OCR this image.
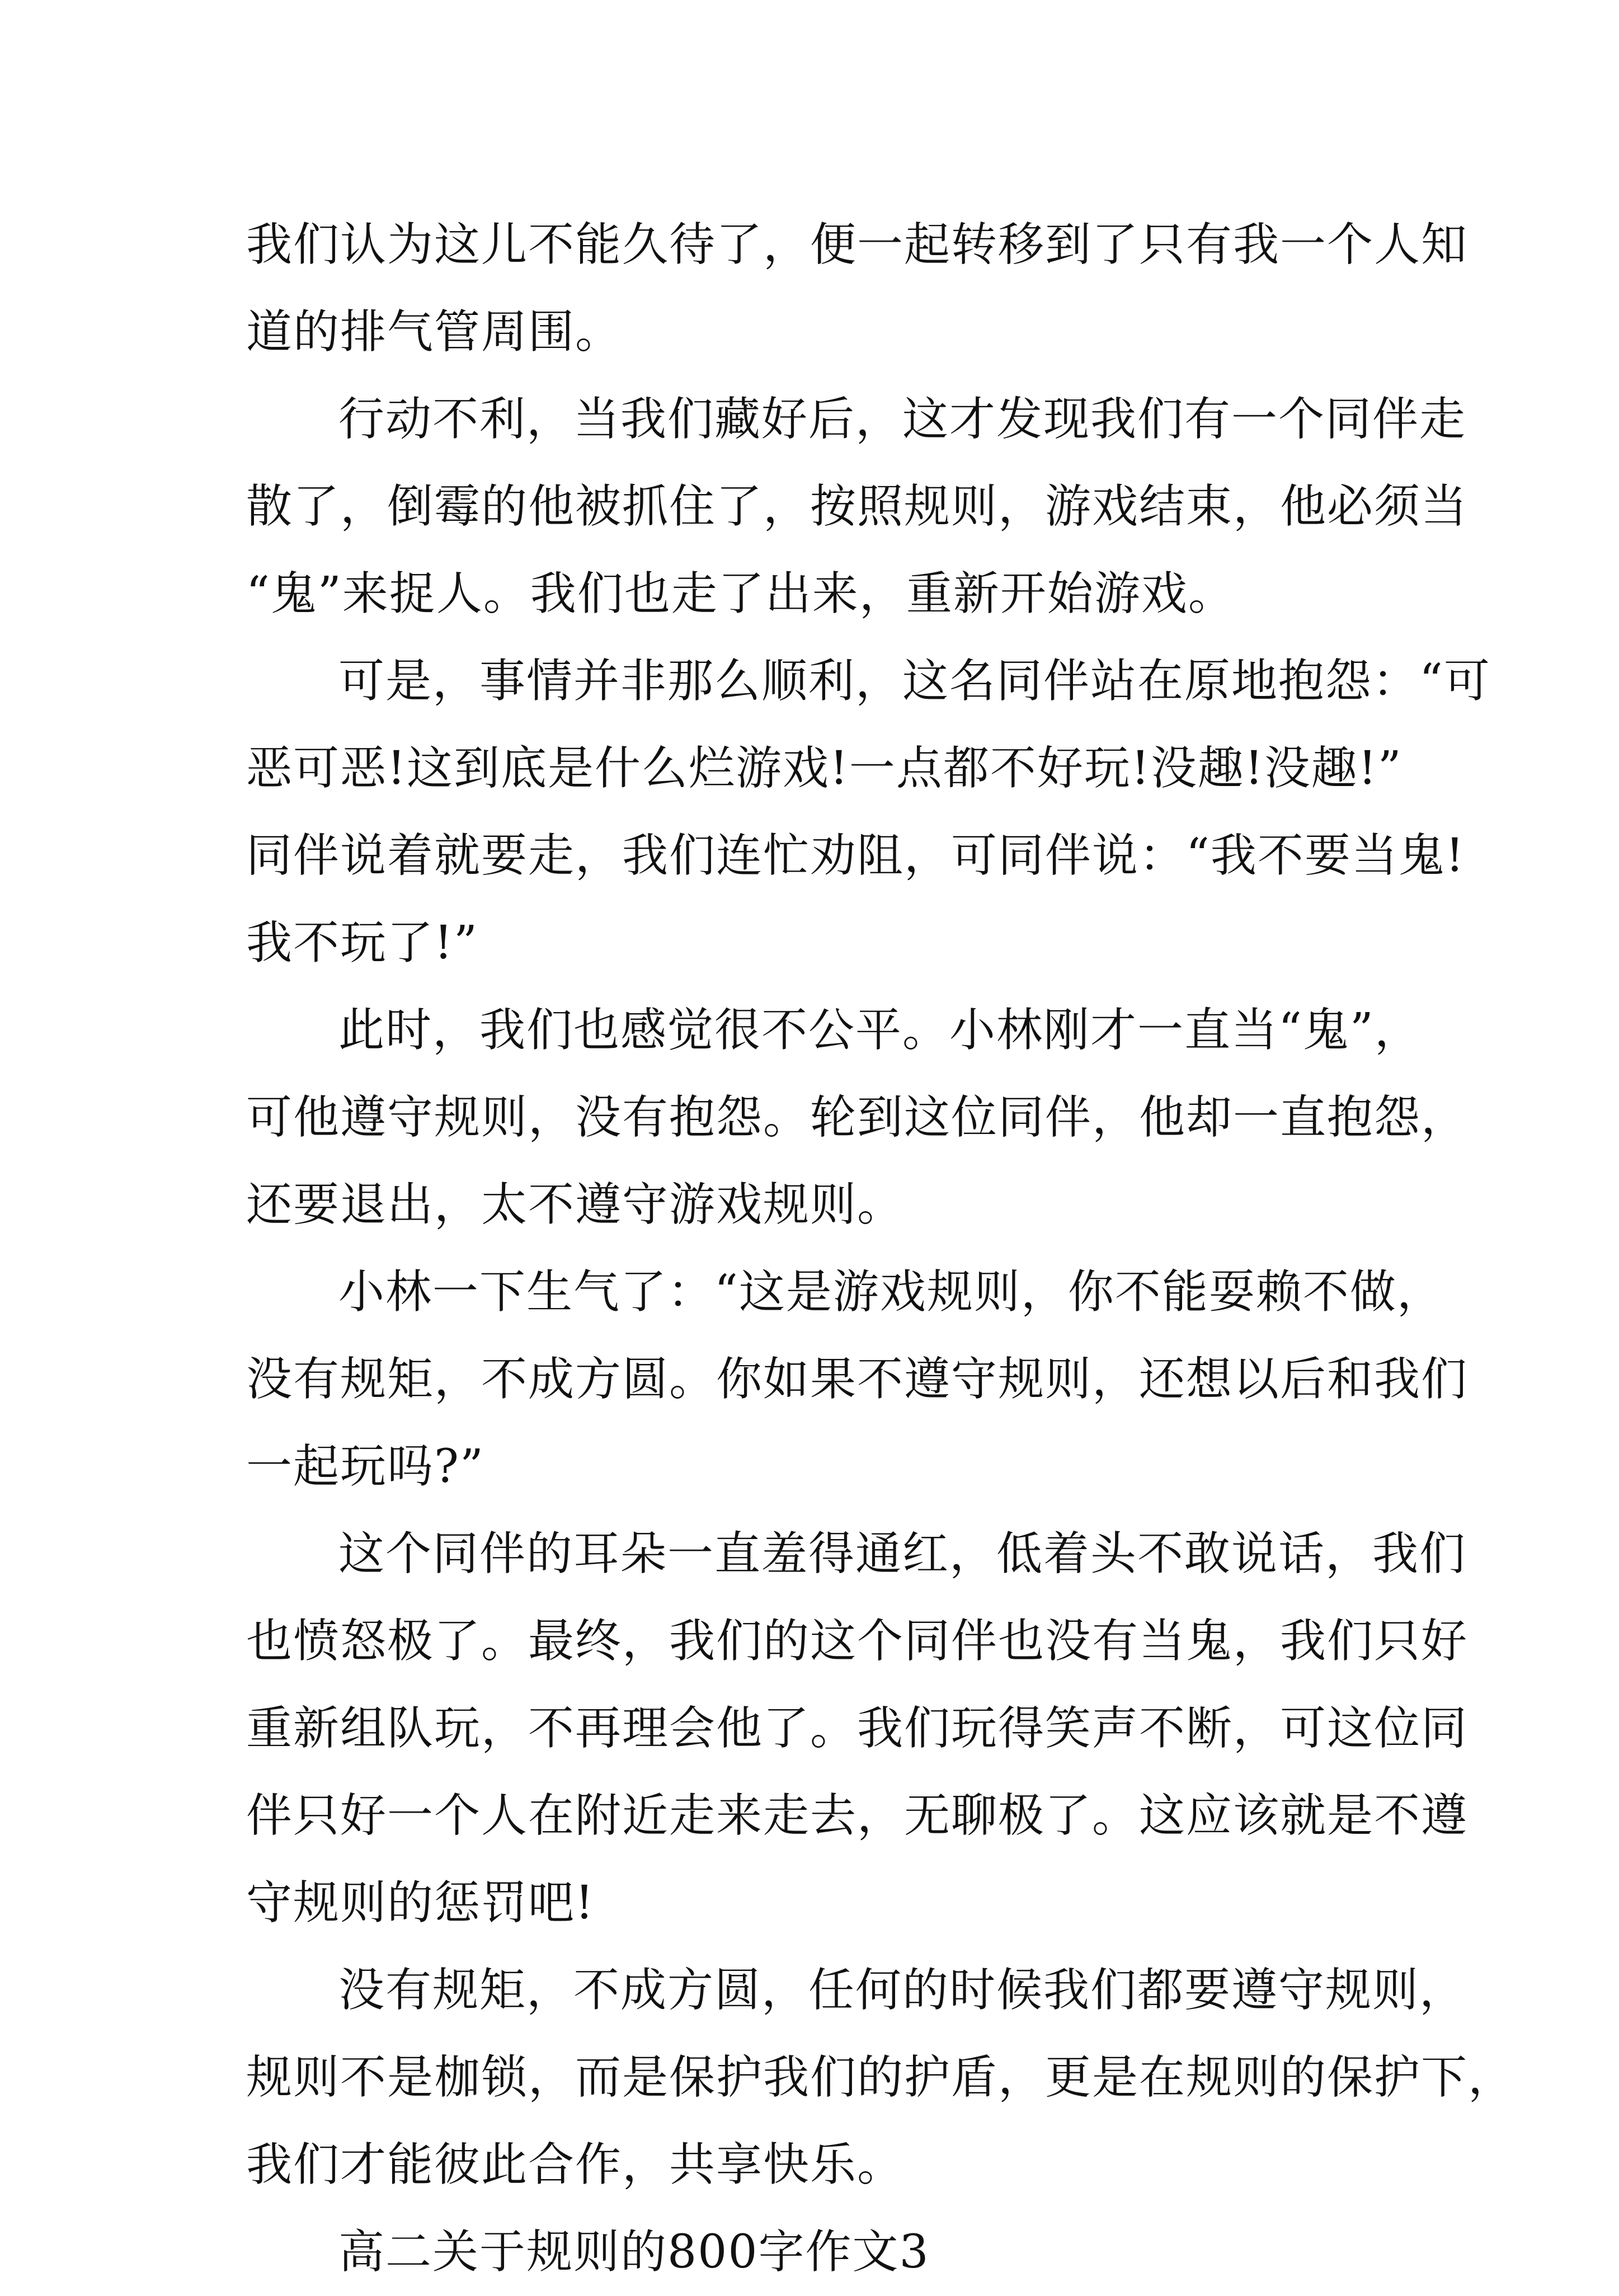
我们认为这儿不能久待了，便一起转移到了只有我一个人知
道的排气管周围。
行动不利，当我们藏好后，这才发现我们有一个同伴走
散了，倒霉的他被抓住了，按照规则，游戏结束，他必须当
“鬼”来捉人。我们也走了出来，重新开始游戏。
可是，事情并非那么顺利，这名同伴站在原地抱怨：“可
恶可恶!这到底是什么烂游戏!一点都不好玩!没趣!没趣!”
同伴说着就要走，我们连忙劝阻，可同伴说：“我不要当鬼!
我不玩了!”
此时，我们也感觉很不公平。小林刚才一直当“鬼”，
可他遵守规则，没有抱怨。轮到这位同伴，他却一直抱怨，
还要退出，太不遵守游戏规则。
小林一下生气了：“这是游戏规则，你不能耍赖不做，
没有规矩，不成方圆。你如果不遵守规则，还想以后和我们
一起玩吗?”
这个同伴的耳朵一直羞得通红，低着头不敢说话，我们
也愤怒极了。最终，我们的这个同伴也没有当鬼，我们只好
重新组队玩，不再理会他了。我们玩得笑声不断，可这位同
伴只好一个人在附近走来走去，无聊极了。这应该就是不遵
守规则的惩罚吧!
没有规矩，不成方圆，任何的时候我们都要遵守规则，
规则不是枷锁，而是保护我们的护盾，更是在规则的保护下，
我们才能彼此合作，共享快乐。
高二关于规则的800字作文3
